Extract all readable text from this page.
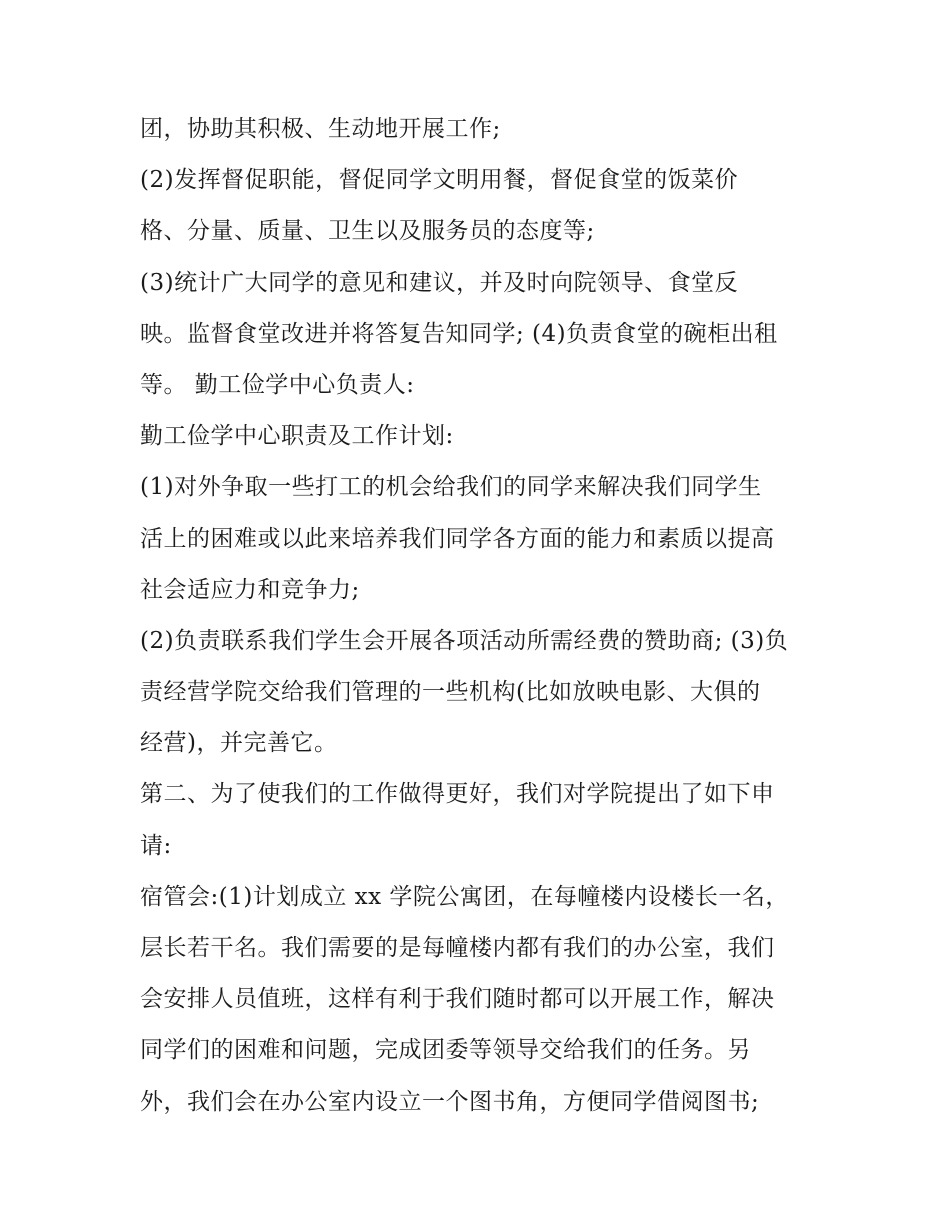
团，协助其积极、生动地开展工作;
(2)发挥督促职能，督促同学文明用餐，督促食堂的饭菜价
格、分量、质量、卫生以及服务员的态度等;
(3)统计广大同学的意见和建议，并及时向院领导、食堂反
映。监督食堂改进并将答复告知同学; (4)负责食堂的碗柜出租
等。 勤工俭学中心负责人:
勤工俭学中心职责及工作计划:
(1)对外争取一些打工的机会给我们的同学来解决我们同学生
活上的困难或以此来培养我们同学各方面的能力和素质以提高
社会适应力和竞争力;
(2)负责联系我们学生会开展各项活动所需经费的赞助商; (3)负
责经营学院交给我们管理的一些机构(比如放映电影、大俱的
经营)，并完善它。
第二、为了使我们的工作做得更好，我们对学院提出了如下申
请:
宿管会:(1)计划成立 xx 学院公寓团，在每幢楼内设楼长一名，
层长若干名。我们需要的是每幢楼内都有我们的办公室，我们
会安排人员值班，这样有利于我们随时都可以开展工作，解决
同学们的困难和问题，完成团委等领导交给我们的任务。另
外，我们会在办公室内设立一个图书角，方便同学借阅图书;
